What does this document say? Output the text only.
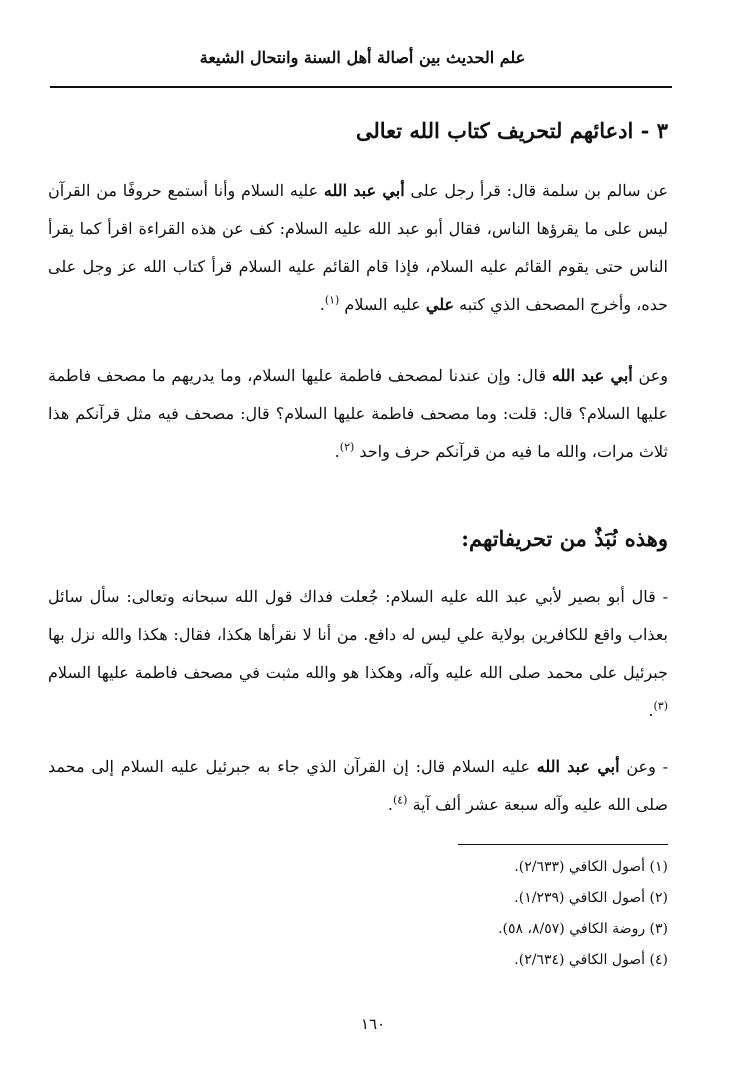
علم الحديث بين أصالة أهل السنة وانتحال الشيعة
٣ - ادعائهم لتحريف كتاب الله تعالى

عن سالم بن سلمة قال: قرأ رجل على أبي عبد الله عليه السلام وأنا أستمع حروفًا من القرآن ليس على ما يقرؤها الناس، فقال أبو عبد الله عليه السلام: كف عن هذه القراءة اقرأ كما يقرأ الناس حتى يقوم القائم عليه السلام، فإذا قام القائم عليه السلام قرأ كتاب الله عز وجل على حده، وأخرج المصحف الذي كتبه علي عليه السلام $^{(١)}$.

وعن أبي عبد الله قال: وإن عندنا لمصحف فاطمة عليها السلام، وما يدريهم ما مصحف فاطمة عليها السلام؟ قال: قلت: وما مصحف فاطمة عليها السلام؟ قال: مصحف فيه مثل قرآنكم هذا ثلاث مرات، والله ما فيه من قرآنكم حرف واحد $^{(٢)}$.

وهذه نُبَذٌ من تحريفاتهم:

- قال أبو بصير لأبي عبد الله عليه السلام: جُعلت فداك قول الله سبحانه وتعالى: سأل سائل بعذاب واقع للكافرين بولاية علي ليس له دافع. من أنا لا نقرأها هكذا، فقال: هكذا والله نزل بها جبرئيل على محمد صلى الله عليه وآله، وهكذا هو والله مثبت في مصحف فاطمة عليها السلام $^{(٣)}$.

- وعن أبي عبد الله عليه السلام قال: إن القرآن الذي جاء به جبرئيل عليه السلام إلى محمد صلى الله عليه وآله سبعة عشر ألف آية $^{(٤)}$.

(١) أصول الكافي (٢/٦٣٣).
(٢) أصول الكافي (١/٢٣٩).
(٣) روضة الكافي (٨/٥٧، ٥٨).
(٤) أصول الكافي (٢/٦٣٤).
١٦٠
